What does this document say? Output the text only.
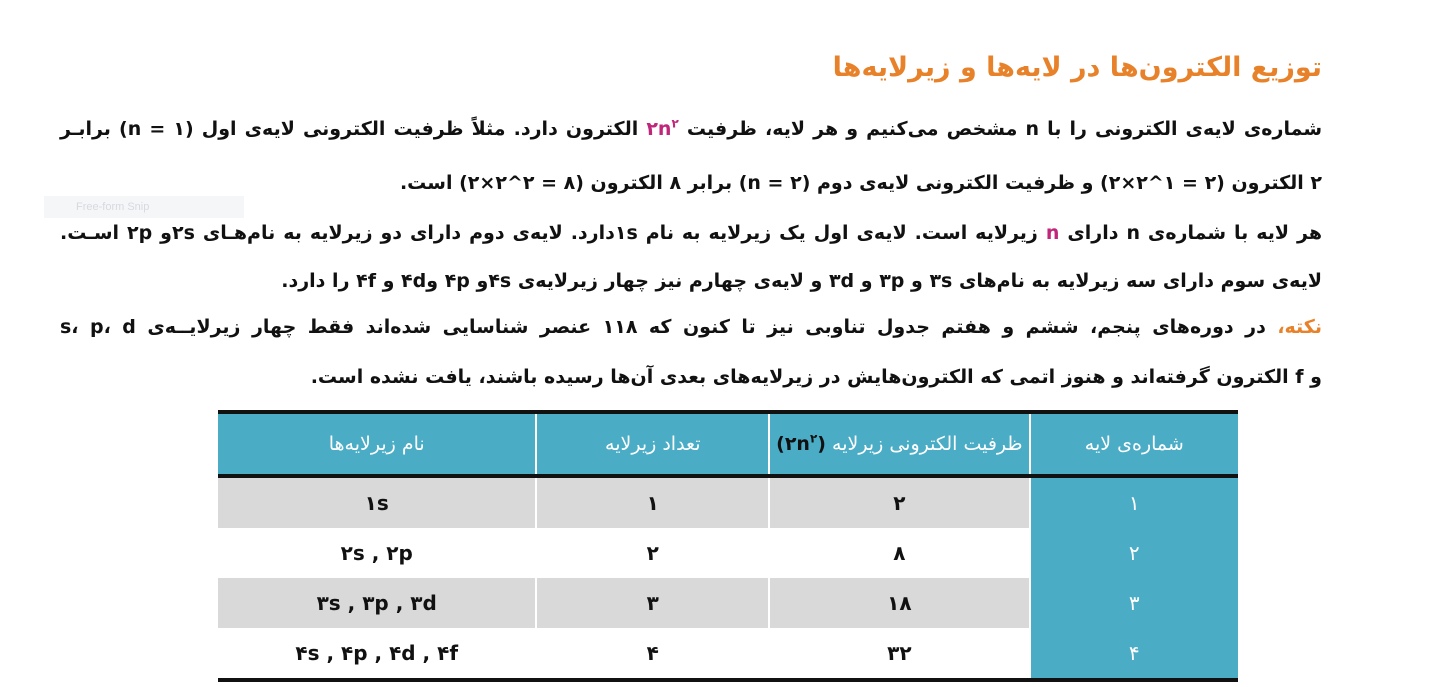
توزیع الکترون‌ها در لایه‌ها و زیرلایه‌ها

شماره‌ی لایه‌ی الکترونی را با n مشخص می‌کنیم و هر لایه، ظرفیت $۲n^۲$ الکترون دارد. مثلاً ظرفیت الکترونی لایه‌ی اول (n = ۱) برابـر

۲ الکترون (۲ = ۱^۲×۲) و ظرفیت الکترونی لایه‌ی دوم (n = ۲) برابر ۸ الکترون (۸ = ۲^۲×۲) است.

هر لایه با شماره‌ی n دارای n زیرلایه است. لایه‌ی اول یک زیرلایه به نام ۱sدارد. لایه‌ی دوم دارای دو زیرلایه به نام‌هـای ۲sو ۲p اسـت.

لایه‌ی سوم دارای سه زیرلایه به نام‌های ۳s و ۳p و ۳d و لایه‌ی چهارم نیز چهار زیرلایه‌ی ۴sو ۴p و۴d و ۴f را دارد.

نکته، در دوره‌های پنجم، ششم و هفتم جدول تناوبی نیز تا کنون که ۱۱۸ عنصر شناسایی شده‌اند فقط چهار زیرلایــه‌ی s، p، d

و f الکترون گرفته‌اند و هنوز اتمی که الکترون‌هایش در زیرلایه‌های بعدی آن‌ها رسیده باشند، یافت نشده است.

Free-form Snip
شماره‌ی لایه	ظرفیت الکترونی زیرلایه $(۲n^۲)$	تعداد زیرلایه	نام زیرلایه‌ها
۱	۲	۱	۱s
۲	۸	۲	۲s , ۲p
۳	۱۸	۳	۳s , ۳p , ۳d
۴	۳۲	۴	۴s , ۴p , ۴d , ۴f
